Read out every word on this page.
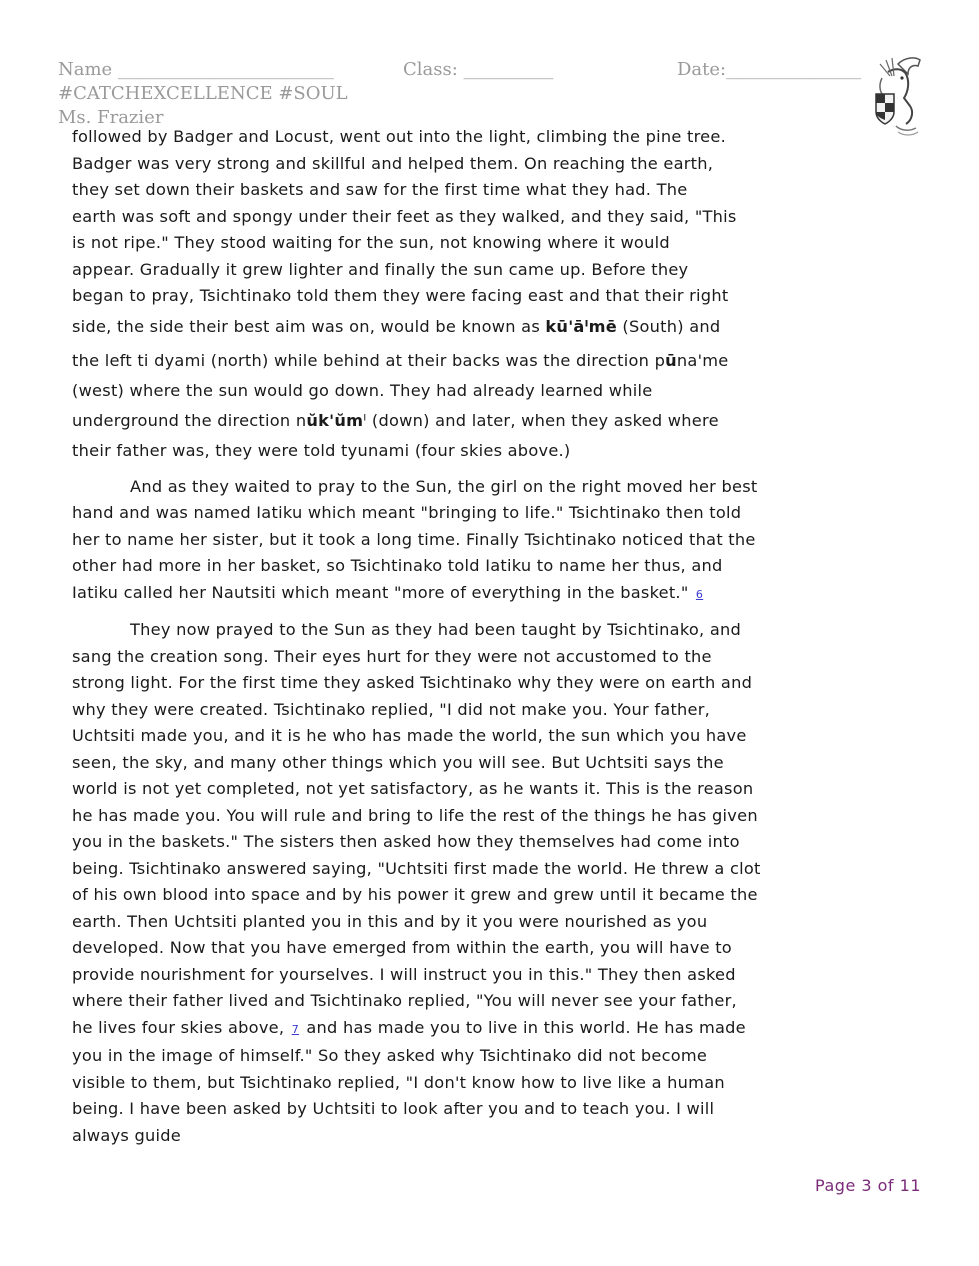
Name ________________________	Class: __________	Date:_______________
#CATCHEXCELLENCE #SOUL
Ms. Frazier

followed by Badger and Locust, went out into the light, climbing the pine tree.
Badger was very strong and skillful and helped them. On reaching the earth,
they set down their baskets and saw for the first time what they had. The
earth was soft and spongy under their feet as they walked, and they said, "This
is not ripe." They stood waiting for the sun, not knowing where it would
appear. Gradually it grew lighter and finally the sun came up. Before they
began to pray, Tsichtinako told them they were facing east and that their right
side, the side their best aim was on, would be known as kū'āᴵmē (South) and
the left ti dyami (north) while behind at their backs was the direction pūna'me
(west) where the sun would go down. They had already learned while
underground the direction nŭk'ŭmᴵ (down) and later, when they asked where
their father was, they were told tyunami (four skies above.)

And as they waited to pray to the Sun, the girl on the right moved her best hand and was named Iatiku which meant "bringing to life." Tsichtinako then told her to name her sister, but it took a long time. Finally Tsichtinako noticed that the other had more in her basket, so Tsichtinako told Iatiku to name her thus, and Iatiku called her Nautsiti which meant "more of everything in the basket." 6

They now prayed to the Sun as they had been taught by Tsichtinako, and sang the creation song. Their eyes hurt for they were not accustomed to the strong light. For the first time they asked Tsichtinako why they were on earth and why they were created. Tsichtinako replied, "I did not make you. Your father, Uchtsiti made you, and it is he who has made the world, the sun which you have seen, the sky, and many other things which you will see. But Uchtsiti says the world is not yet completed, not yet satisfactory, as he wants it. This is the reason he has made you. You will rule and bring to life the rest of the things he has given you in the baskets." The sisters then asked how they themselves had come into being. Tsichtinako answered saying, "Uchtsiti first made the world. He threw a clot of his own blood into space and by his power it grew and grew until it became the earth. Then Uchtsiti planted you in this and by it you were nourished as you developed. Now that you have emerged from within the earth, you will have to provide nourishment for yourselves. I will instruct you in this." They then asked where their father lived and Tsichtinako replied, "You will never see your father, he lives four skies above, 7 and has made you to live in this world. He has made you in the image of himself." So they asked why Tsichtinako did not become visible to them, but Tsichtinako replied, "I don't know how to live like a human being. I have been asked by Uchtsiti to look after you and to teach you. I will always guide

Page 3 of 11
